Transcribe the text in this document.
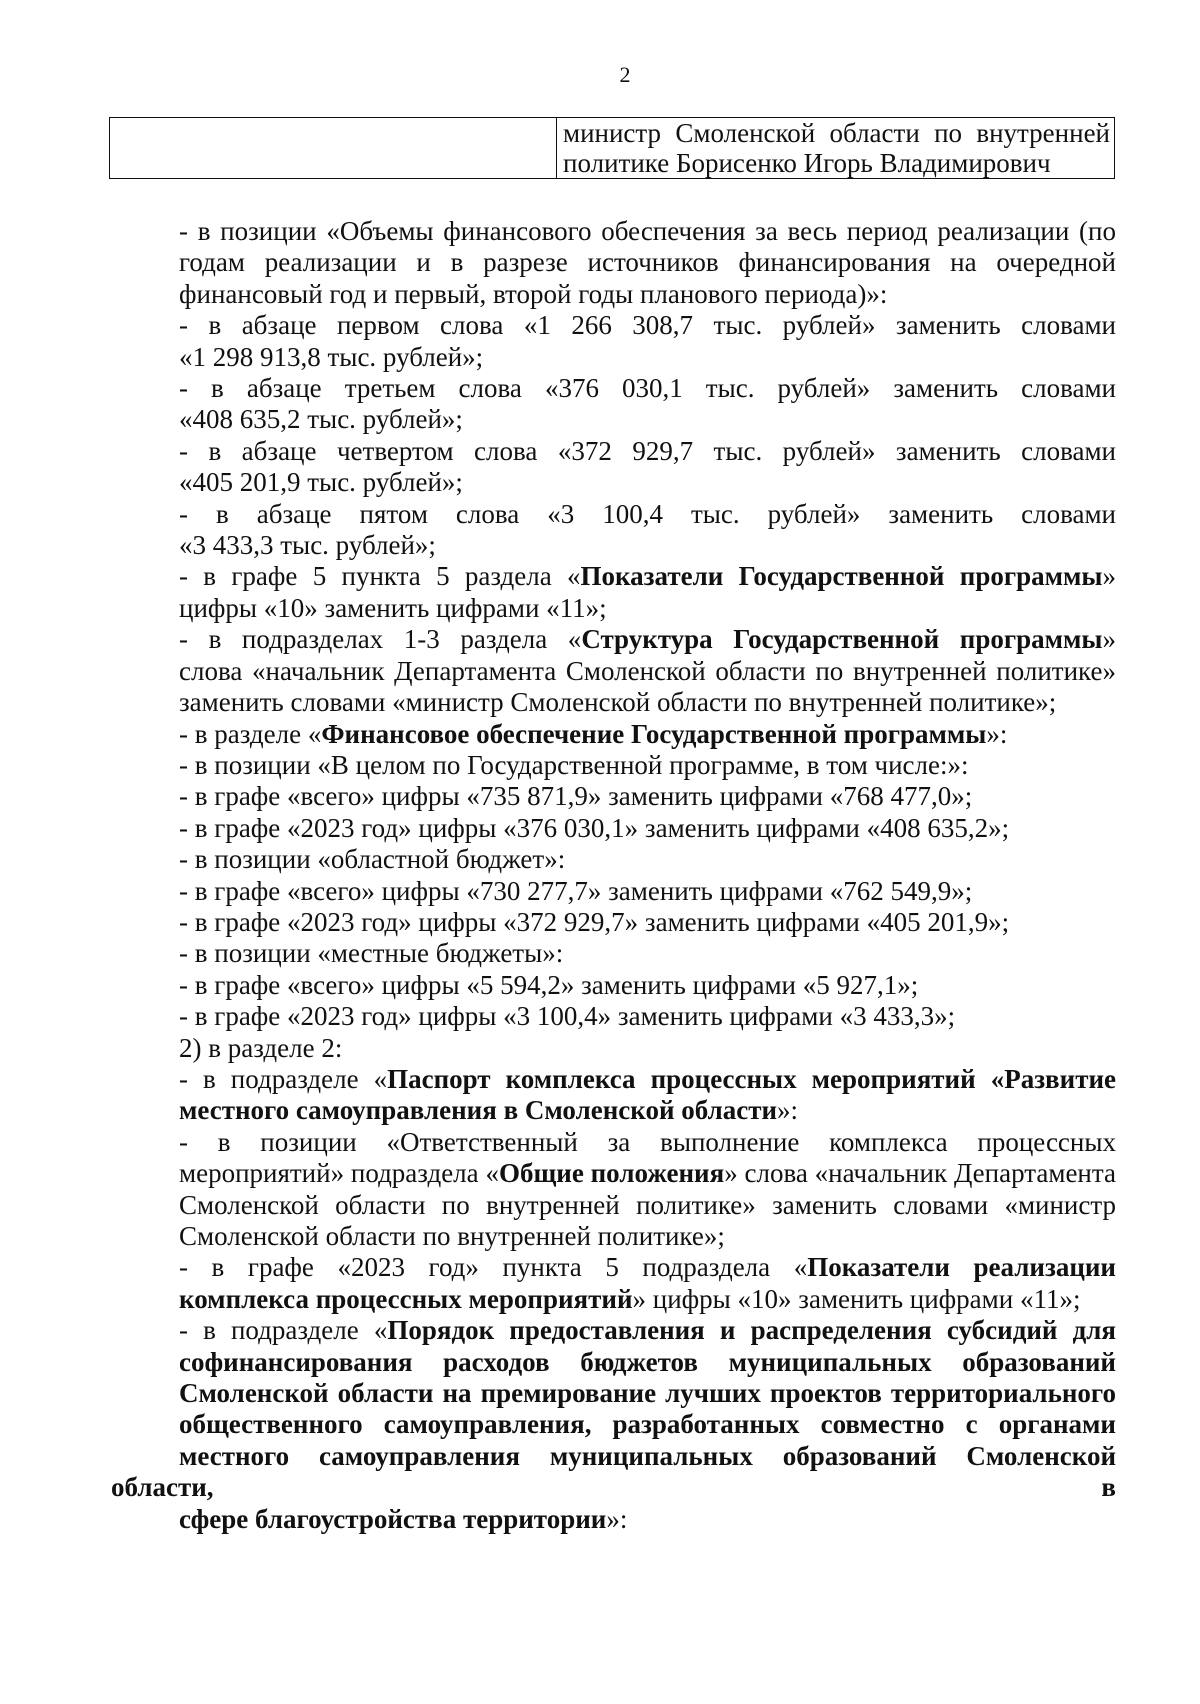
2

министр Смоленской области по внутренней
политике Борисенко Игорь Владимирович

- в позиции «Объемы финансового обеспечения за весь период реализации (по
годам реализации и в разрезе источников финансирования на очередной
финансовый год и первый, второй годы планового периода)»:

- в абзаце первом слова «1 266 308,7 тыс. рублей» заменить словами
«1 298 913,8 тыс. рублей»;

- в абзаце третьем слова «376 030,1 тыс. рублей» заменить словами
«408 635,2 тыс. рублей»;

- в абзаце четвертом слова «372 929,7 тыс. рублей» заменить словами
«405 201,9 тыс. рублей»;

- в абзаце пятом слова «3 100,4 тыс. рублей» заменить словами
«3 433,3 тыс. рублей»;

- в графе 5 пункта 5 раздела «Показатели Государственной программы»
цифры «10» заменить цифрами «11»;

- в подразделах 1-3 раздела «Структура Государственной программы»
слова «начальник Департамента Смоленской области по внутренней политике»
заменить словами «министр Смоленской области по внутренней политике»;

- в разделе «Финансовое обеспечение Государственной программы»:

- в позиции «В целом по Государственной программе, в том числе:»:

- в графе «всего» цифры «735 871,9» заменить цифрами «768 477,0»;

- в графе «2023 год» цифры «376 030,1» заменить цифрами «408 635,2»;

- в позиции «областной бюджет»:

- в графе «всего» цифры «730 277,7» заменить цифрами «762 549,9»;

- в графе «2023 год» цифры «372 929,7» заменить цифрами «405 201,9»;

- в позиции «местные бюджеты»:

- в графе «всего» цифры «5 594,2» заменить цифрами «5 927,1»;

- в графе «2023 год» цифры «3 100,4» заменить цифрами «3 433,3»;

2) в разделе 2:

- в подразделе «Паспорт комплекса процессных мероприятий «Развитие
местного самоуправления в Смоленской области»:

- в позиции «Ответственный за выполнение комплекса процессных
мероприятий» подраздела «Общие положения» слова «начальник Департамента
Смоленской области по внутренней политике» заменить словами «министр
Смоленской области по внутренней политике»;

- в графе «2023 год» пункта 5 подраздела «Показатели реализации
комплекса процессных мероприятий» цифры «10» заменить цифрами «11»;

- в подразделе «Порядок предоставления и распределения субсидий для
софинансирования расходов бюджетов муниципальных образований
Смоленской области на премирование лучших проектов территориального
общественного самоуправления, разработанных совместно с органами
местного самоуправления муниципальных образований Смоленской области, в
сфере благоустройства территории»:
